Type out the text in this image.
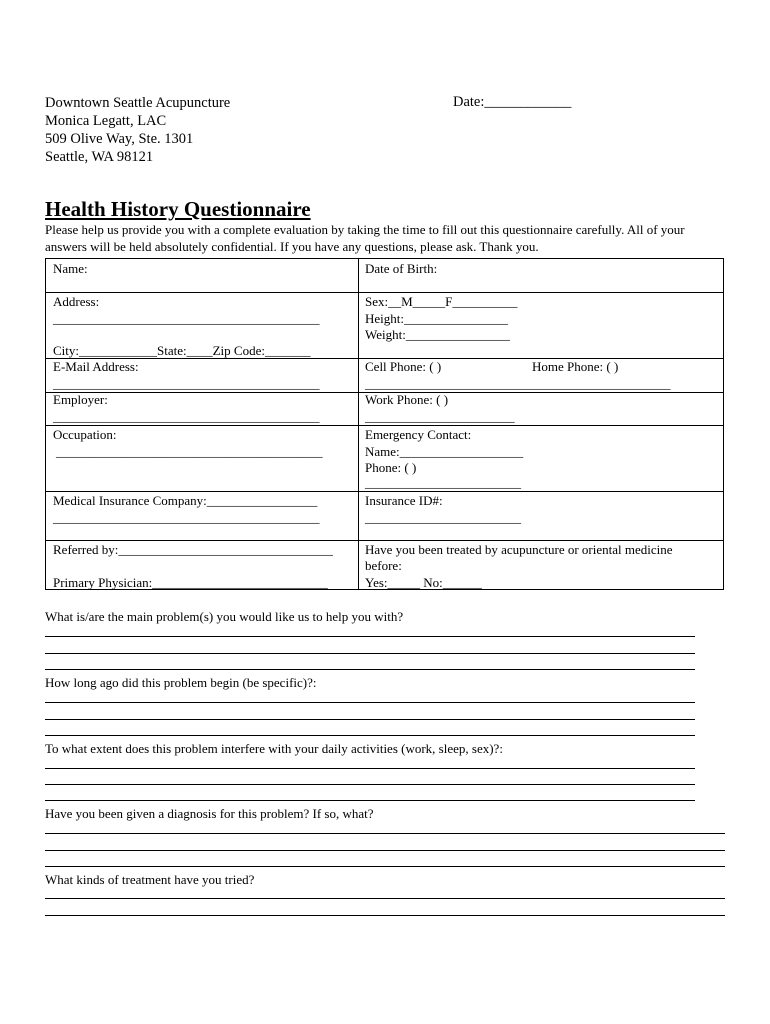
Downtown Seattle Acupuncture
Monica Legatt, LAC
509 Olive Way, Ste. 1301
Seattle, WA 98121
Date:____________
Health History Questionnaire
Please help us provide you with a complete evaluation by taking the time to fill out this questionnaire carefully. All of your answers will be held absolutely confidential. If you have any questions, please ask. Thank you.
Name:	Date of Birth:
Address:
_________________________________________
City:____________State:____Zip Code:_______
Sex:__M_____F__________
Height:________________
Weight:________________
E-Mail Address:
_________________________________________
Cell Phone: ( )	Home Phone: ( )
_______________________________________________
Employer:
_________________________________________
Work Phone: ( )
_______________________
Occupation:
_________________________________________
Emergency Contact:
Name:___________________
Phone: ( )
________________________
Medical Insurance Company:_________________
_________________________________________
Insurance ID#:
________________________
Referred by:_________________________________
Primary Physician:___________________________
Have you been treated by acupuncture or oriental medicine
before:
Yes:_____ No:______
What is/are the main problem(s) you would like us to help you with?
How long ago did this problem begin (be specific)?:
To what extent does this problem interfere with your daily activities (work, sleep, sex)?:
Have you been given a diagnosis for this problem? If so, what?
What kinds of treatment have you tried?
